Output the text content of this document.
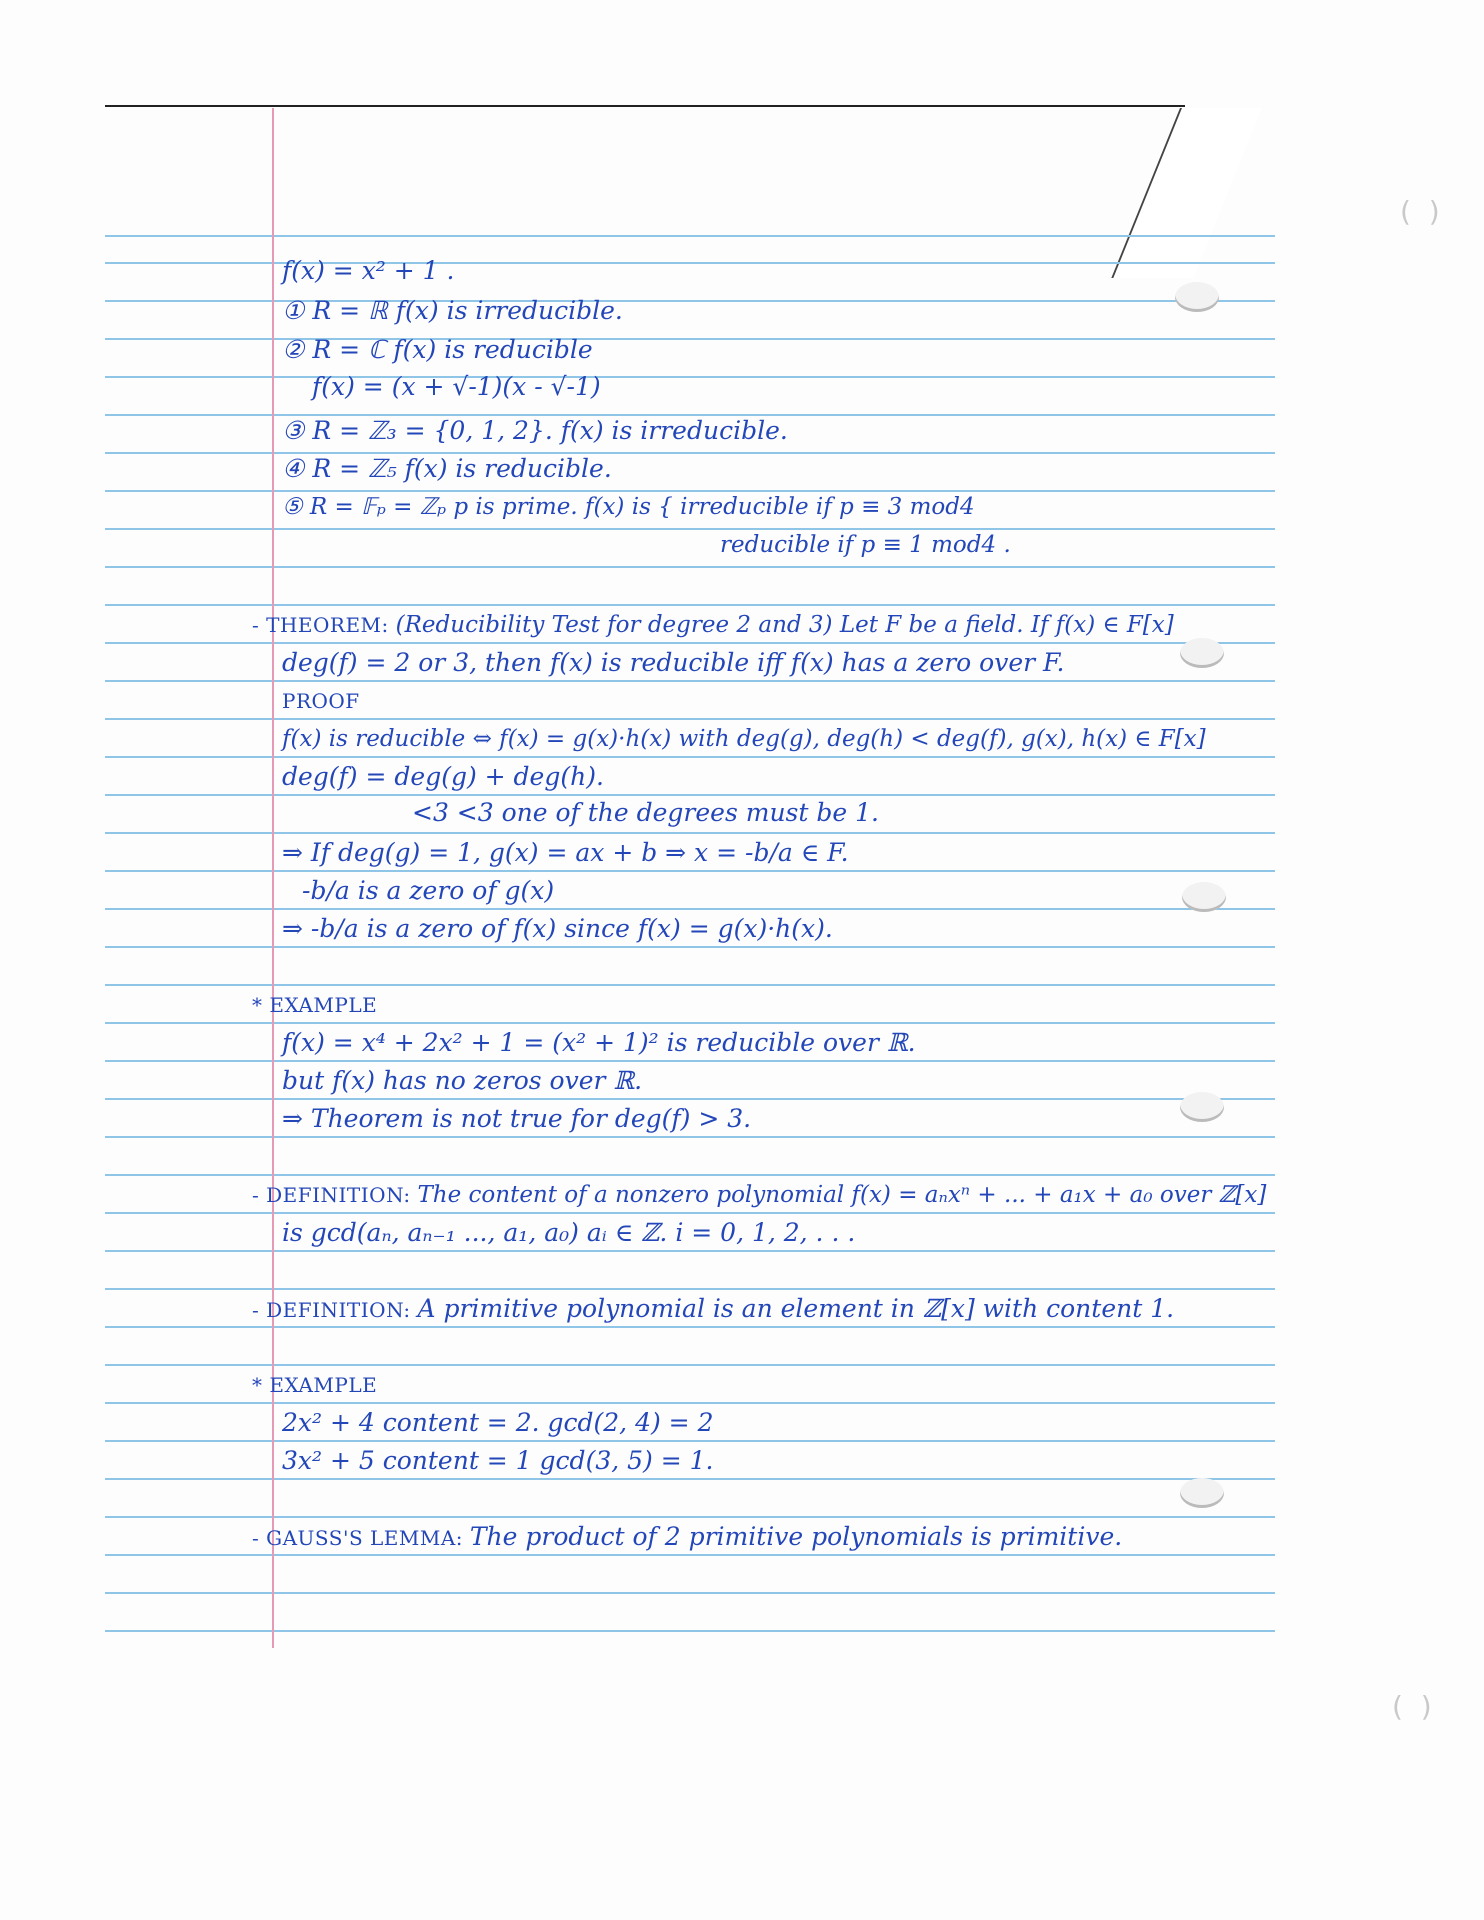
(  )
(  )
f(x) = x² + 1 .
① R = ℝ f(x) is irreducible.
② R = ℂ f(x) is reducible
f(x) = (x + √-1)(x - √-1)
③ R = ℤ₃ = {0, 1, 2}. f(x) is irreducible.
④ R = ℤ₅ f(x) is reducible.
⑤ R = 𝔽ₚ = ℤₚ p is prime. f(x) is { irreducible if p ≡ 3 mod4
reducible if p ≡ 1 mod4 .
- THEOREM: (Reducibility Test for degree 2 and 3) Let F be a field. If f(x) ∈ F[x]
deg(f) = 2 or 3, then f(x) is reducible iff f(x) has a zero over F.
PROOF
f(x) is reducible ⇔ f(x) = g(x)·h(x) with deg(g), deg(h) < deg(f), g(x), h(x) ∈ F[x]
deg(f) = deg(g) + deg(h).
<3 <3 one of the degrees must be 1.
⇒ If deg(g) = 1, g(x) = ax + b ⇒ x = -b/a ∈ F.
-b/a is a zero of g(x)
⇒ -b/a is a zero of f(x) since f(x) = g(x)·h(x).
* EXAMPLE
f(x) = x⁴ + 2x² + 1 = (x² + 1)² is reducible over ℝ.
but f(x) has no zeros over ℝ.
⇒ Theorem is not true for deg(f) > 3.
- DEFINITION: The content of a nonzero polynomial f(x) = aₙxⁿ + ... + a₁x + a₀ over ℤ[x]
is gcd(aₙ, aₙ₋₁ ..., a₁, a₀) aᵢ ∈ ℤ. i = 0, 1, 2, . . .
- DEFINITION: A primitive polynomial is an element in ℤ[x] with content 1.
* EXAMPLE
2x² + 4 content = 2. gcd(2, 4) = 2
3x² + 5 content = 1 gcd(3, 5) = 1.
- GAUSS'S LEMMA: The product of 2 primitive polynomials is primitive.
